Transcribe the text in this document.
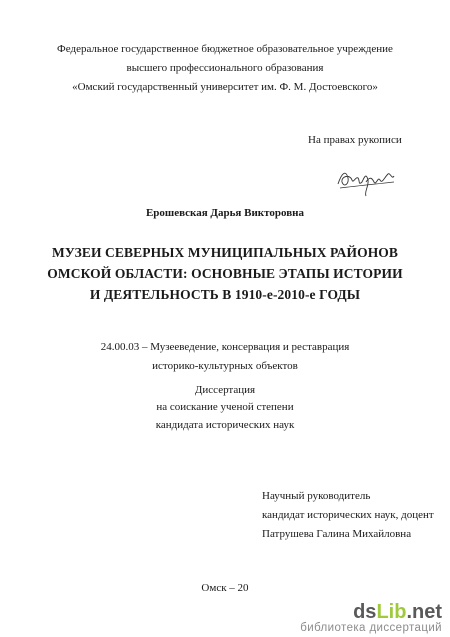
Федеральное государственное бюджетное образовательное учреждение
высшего профессионального образования
«Омский государственный университет им. Ф. М. Достоевского»
На правах рукописи
Ерошевская Дарья Викторовна
МУЗЕИ СЕВЕРНЫХ МУНИЦИПАЛЬНЫХ РАЙОНОВ
ОМСКОЙ ОБЛАСТИ: ОСНОВНЫЕ ЭТАПЫ ИСТОРИИ
И ДЕЯТЕЛЬНОСТЬ В 1910-е-2010-е ГОДЫ
24.00.03 – Музееведение, консервация и реставрация
историко-культурных объектов
Диссертация
на соискание ученой степени
кандидата исторических наук
Научный руководитель
кандидат исторических наук, доцент
Патрушева Галина Михайловна
Омск – 20
dsLib.net
библиотека диссертаций
